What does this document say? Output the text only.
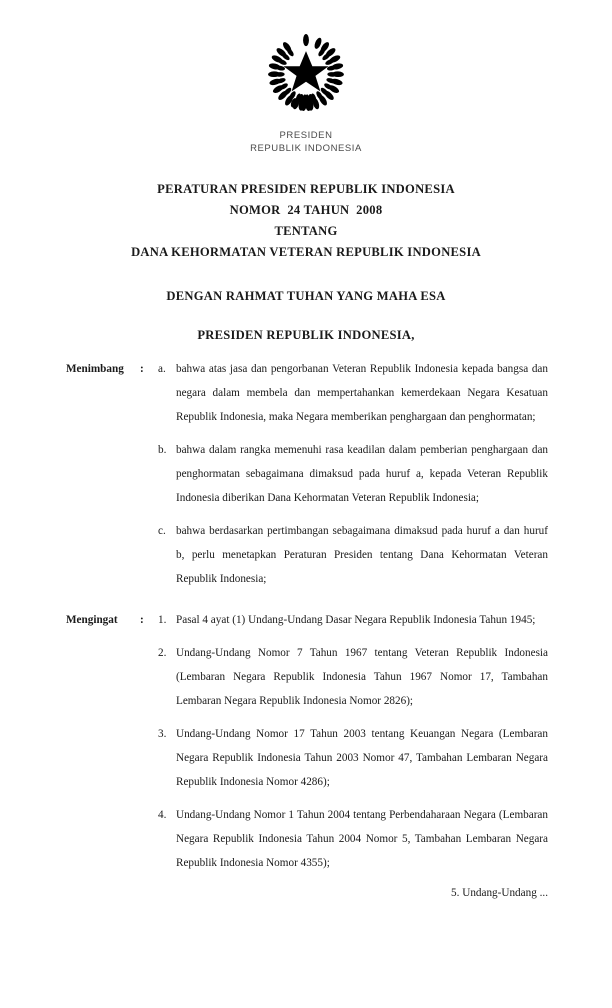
PRESIDEN
REPUBLIK INDONESIA
PERATURAN PRESIDEN REPUBLIK INDONESIA
NOMOR  24 TAHUN  2008
TENTANG
DANA KEHORMATAN VETERAN REPUBLIK INDONESIA
DENGAN RAHMAT TUHAN YANG MAHA ESA
PRESIDEN REPUBLIK INDONESIA,
Menimbang	:	a. bahwa atas jasa dan pengorbanan Veteran Republik Indonesia kepada bangsa dan negara dalam membela dan mempertahankan kemerdekaan Negara Kesatuan Republik Indonesia, maka Negara memberikan penghargaan dan penghormatan;
b. bahwa dalam rangka memenuhi rasa keadilan dalam pemberian penghargaan dan penghormatan sebagaimana dimaksud pada huruf a, kepada Veteran Republik Indonesia diberikan Dana Kehormatan Veteran Republik Indonesia;
c. bahwa berdasarkan pertimbangan sebagaimana dimaksud pada huruf a dan huruf b, perlu menetapkan Peraturan Presiden tentang Dana Kehormatan Veteran Republik Indonesia;
Mengingat	:	1. Pasal 4 ayat (1) Undang-Undang Dasar Negara Republik Indonesia Tahun 1945;
2. Undang-Undang Nomor 7 Tahun 1967 tentang Veteran Republik Indonesia (Lembaran Negara Republik Indonesia Tahun 1967 Nomor 17, Tambahan Lembaran Negara Republik Indonesia Nomor 2826);
3. Undang-Undang Nomor 17 Tahun 2003 tentang Keuangan Negara (Lembaran Negara Republik Indonesia Tahun 2003 Nomor 47, Tambahan Lembaran Negara Republik Indonesia Nomor 4286);
4. Undang-Undang Nomor 1 Tahun 2004 tentang Perbendaharaan Negara (Lembaran Negara Republik Indonesia Tahun 2004 Nomor 5, Tambahan Lembaran Negara Republik Indonesia Nomor 4355);
5. Undang-Undang ...
